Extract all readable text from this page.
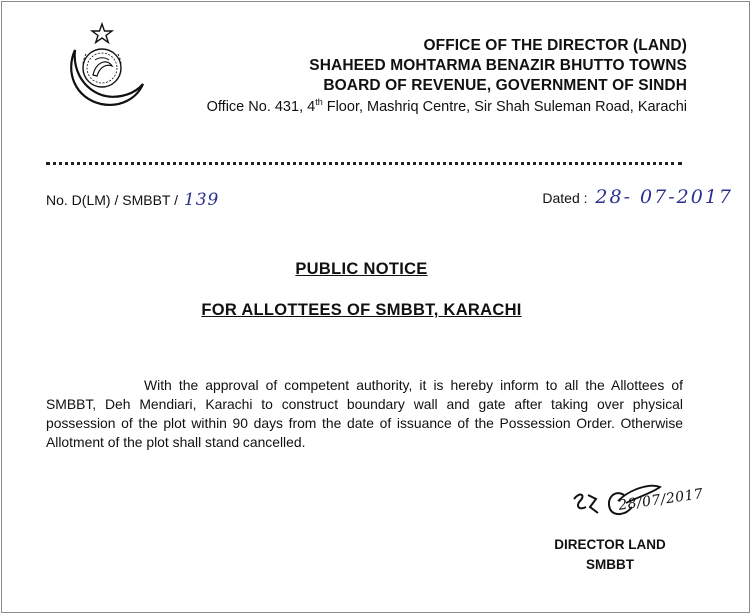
OFFICE OF THE DIRECTOR (LAND)
SHAHEED MOHTARMA BENAZIR BHUTTO TOWNS
BOARD OF REVENUE, GOVERNMENT OF SINDH
Office No. 431, 4th Floor, Mashriq Centre, Sir Shah Suleman Road, Karachi
No. D(LM) / SMBBT / 139	Dated : 28- 07-2017
PUBLIC NOTICE
FOR ALLOTTEES OF SMBBT, KARACHI

With the approval of competent authority, it is hereby inform to all the Allottees of SMBBT, Deh Mendiari, Karachi to construct boundary wall and gate after taking over physical possession of the plot within 90 days from the date of issuance of the Possession Order. Otherwise Allotment of the plot shall stand cancelled.

28/07/2017
DIRECTOR LAND
SMBBT
